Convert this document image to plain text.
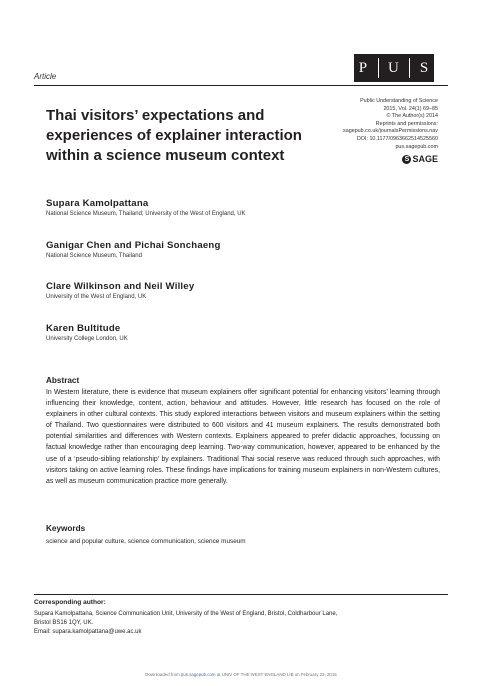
Article
P U S
Thai visitors’ expectations and experiences of explainer interaction within a science museum context
Public Understanding of Science
2015, Vol. 24(1) 69–85
© The Author(s) 2014
Reprints and permissions:
sagepub.co.uk/journalsPermissions.nav
DOI: 10.1177/0963662514525560
pus.sagepub.com
S SAGE
Supara Kamolpattana
National Science Museum, Thailand; University of the West of England, UK
Ganigar Chen and Pichai Sonchaeng
National Science Museum, Thailand
Clare Wilkinson and Neil Willey
University of the West of England, UK
Karen Bultitude
University College London, UK
Abstract
In Western literature, there is evidence that museum explainers offer significant potential for enhancing visitors’ learning through influencing their knowledge, content, action, behaviour and attitudes. However, little research has focused on the role of explainers in other cultural contexts. This study explored interactions between visitors and museum explainers within the setting of Thailand. Two questionnaires were distributed to 600 visitors and 41 museum explainers. The results demonstrated both potential similarities and differences with Western contexts. Explainers appeared to prefer didactic approaches, focussing on factual knowledge rather than encouraging deep learning. Two-way communication, however, appeared to be enhanced by the use of a ‘pseudo-sibling relationship’ by explainers. Traditional Thai social reserve was reduced through such approaches, with visitors taking on active learning roles. These findings have implications for training museum explainers in non-Western cultures, as well as museum communication practice more generally.
Keywords
science and popular culture, science communication, science museum
Corresponding author:
Supara Kamolpattana, Science Communication Unit, University of the West of England, Bristol, Coldharbour Lane,
Bristol BS16 1QY, UK.
Email: supara.kamolpattana@uwe.ac.uk
Downloaded from pus.sagepub.com at UNIV OF THE WEST ENGLAND LIB on February 23, 2015
